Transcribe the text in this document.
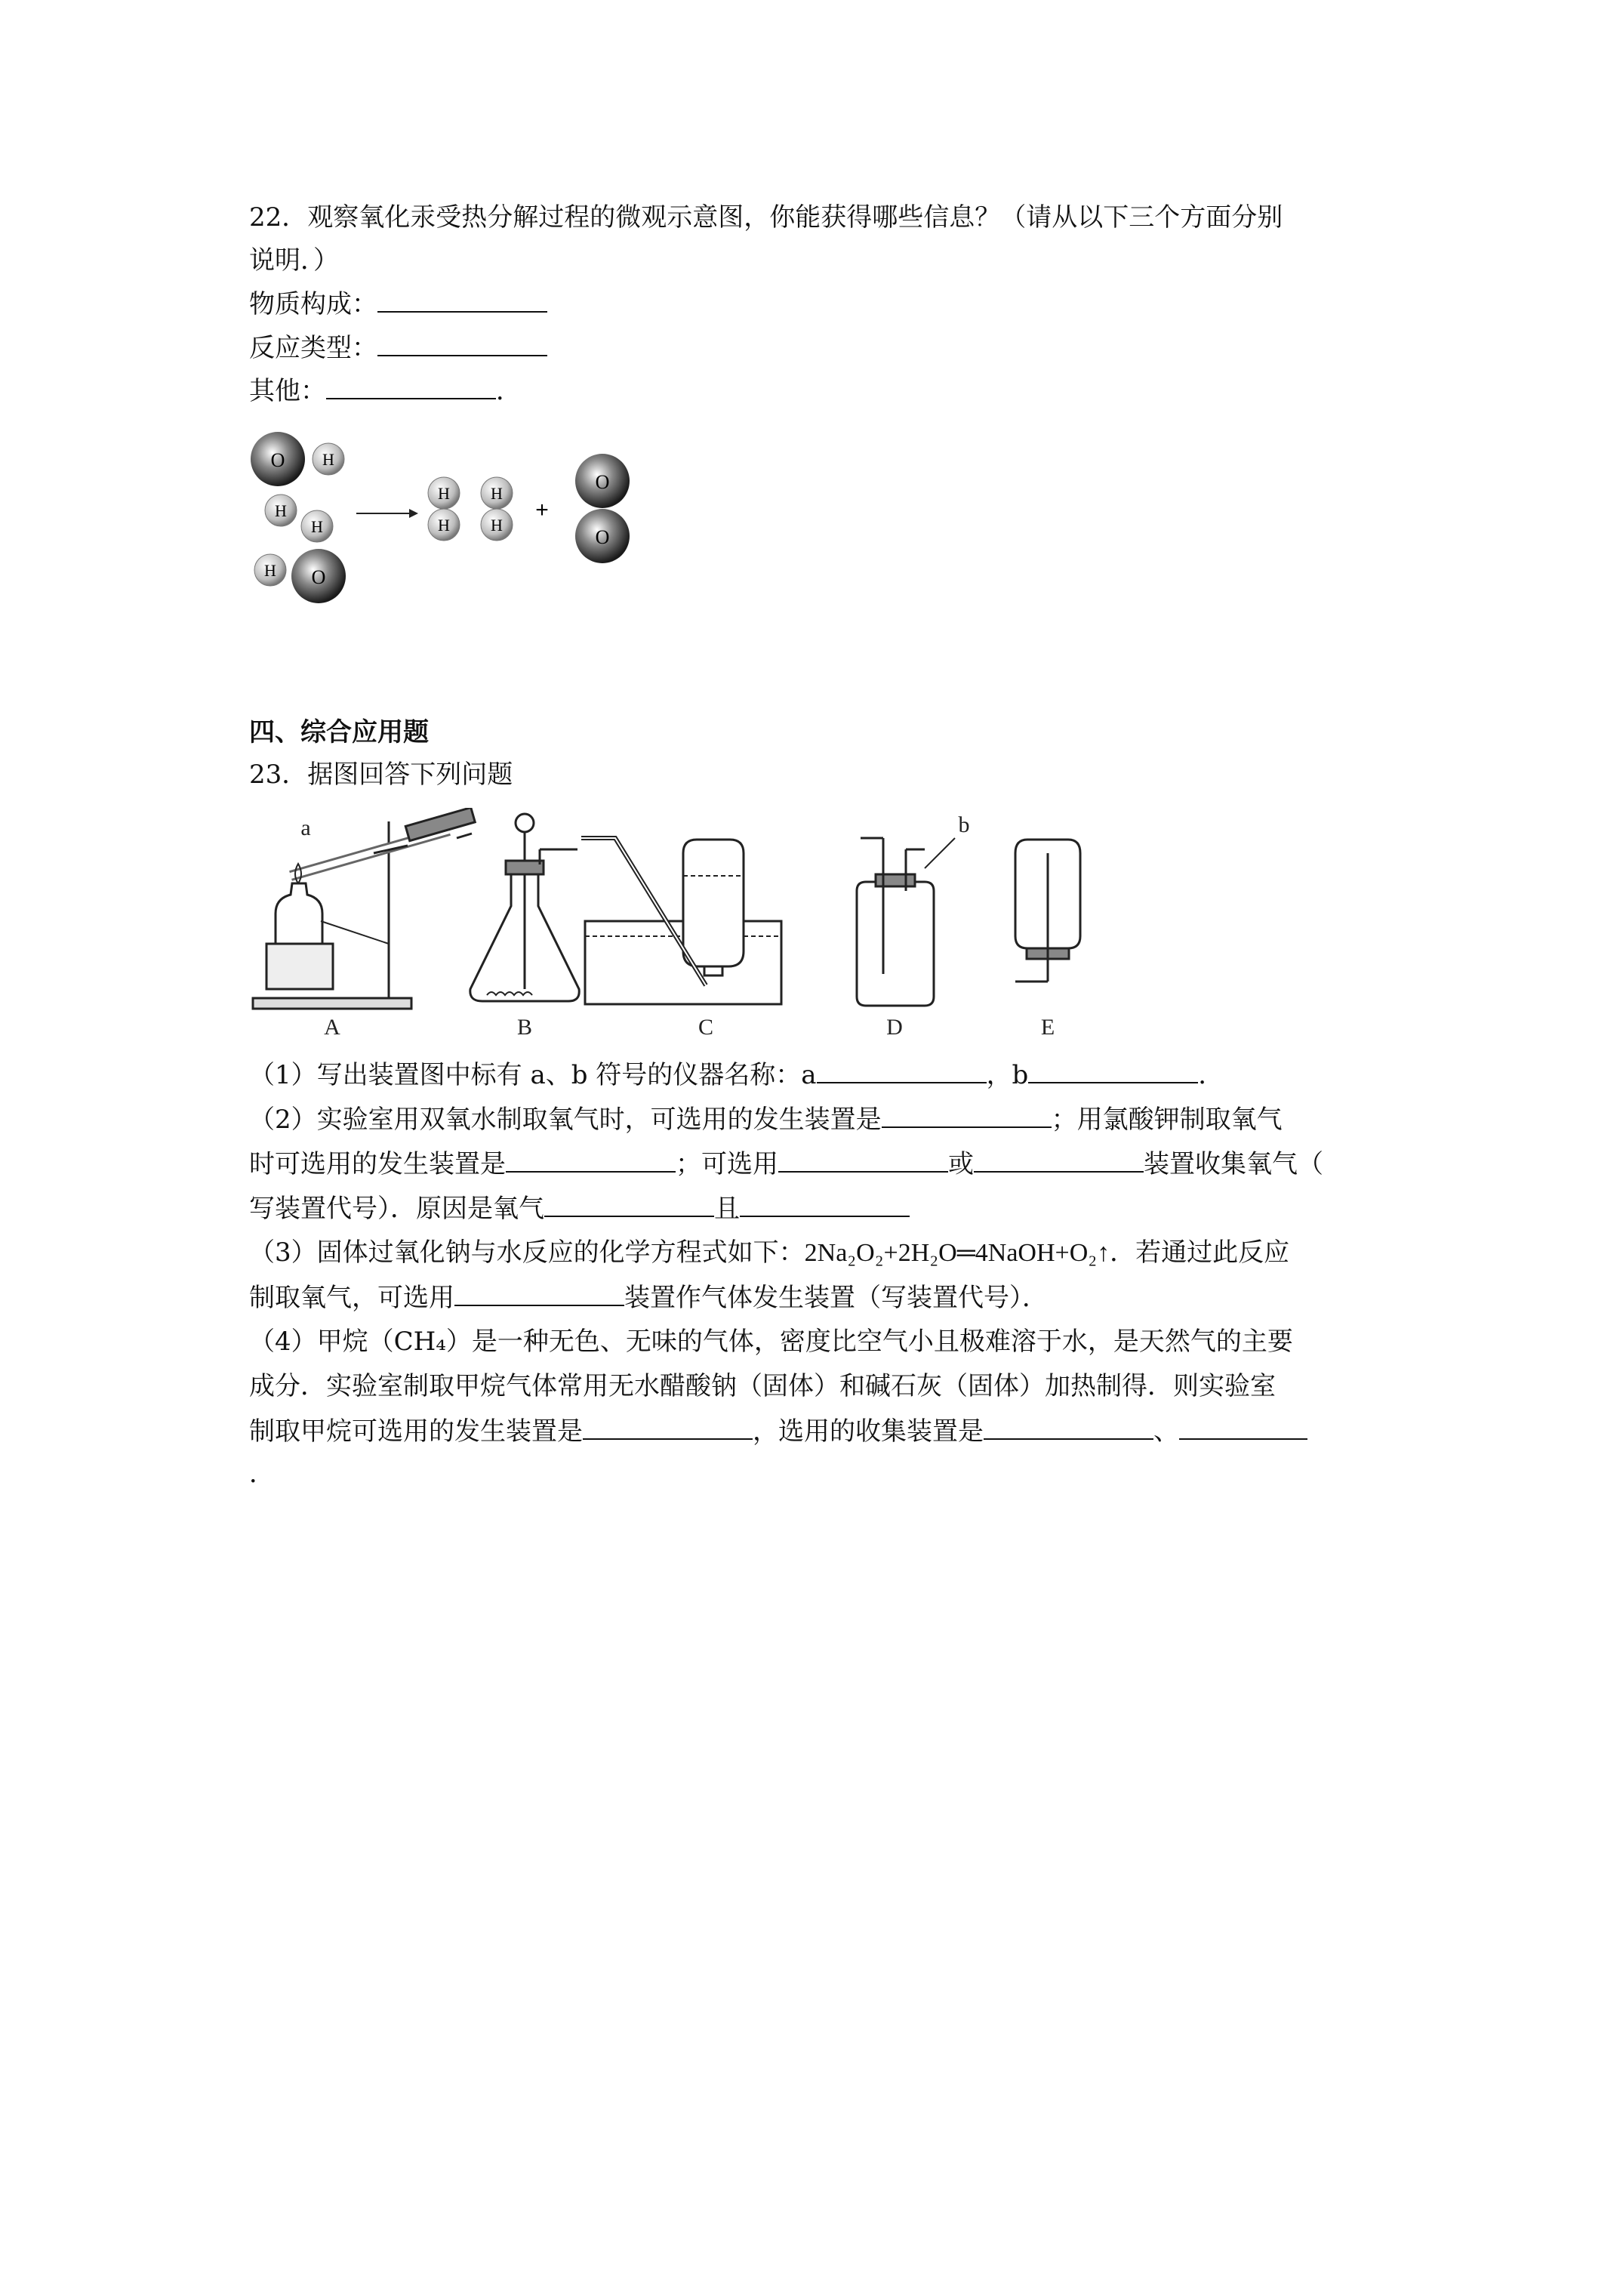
22．观察氧化汞受热分解过程的微观示意图，你能获得哪些信息？（请从以下三个方面分别
说明．）
物质构成：
反应类型：
其他：	．
O H
H
H
H O
H
H
H
H
+
O
O
四、综合应用题
23．据图回答下列问题
A	B	C	D	E
a	b
（1）写出装置图中标有 a、b 符号的仪器名称：a	，b	．
（2）实验室用双氧水制取氧气时，可选用的发生装置是	；用氯酸钾制取氧气
时可选用的发生装置是	；可选用	或	装置收集氧气（
写装置代号）．原因是氧气	且
（3）固体过氧化钠与水反应的化学方程式如下：2Na₂O₂+2H₂O═4NaOH+O₂↑．若通过此反应
制取氧气，可选用	装置作气体发生装置（写装置代号）．
（4）甲烷（CH₄）是一种无色、无味的气体，密度比空气小且极难溶于水，是天然气的主要
成分．实验室制取甲烷气体常用无水醋酸钠（固体）和碱石灰（固体）加热制得．则实验室
制取甲烷可选用的发生装置是	，选用的收集装置是	、
．
